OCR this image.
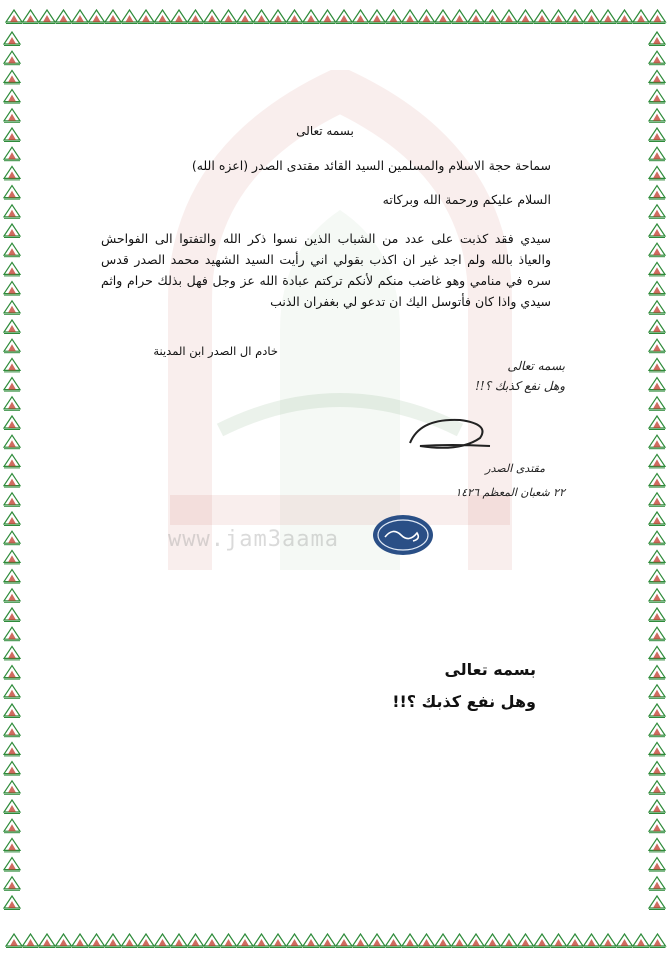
www.jam3aama
بسمه تعالى
سماحة حجة الاسلام والمسلمين السيد القائد مقتدى الصدر (اعزه الله)
السلام عليكم ورحمة الله وبركاته
سيدي فقد كذبت على عدد من الشباب الذين نسوا ذكر الله والتفتوا الى الفواحش والعياذ بالله ولم اجد غير ان اكذب بقولي اني رأيت السيد الشهيد محمد الصدر قدس سره في منامي وهو غاضب منكم لأنكم تركتم عبادة الله عز وجل فهل بذلك حرام واثم سيدي واذا كان فأتوسل اليك ان تدعو لي بغفران الذنب
خادم ال الصدر ابن المدينة
بسمه تعالى
وهل نفع كذبك ؟!!
مقتدى الصدر
٢٢ شعبان المعظم ١٤٢٦
بسمه تعالى
وهل نفع كذبك ؟!!
